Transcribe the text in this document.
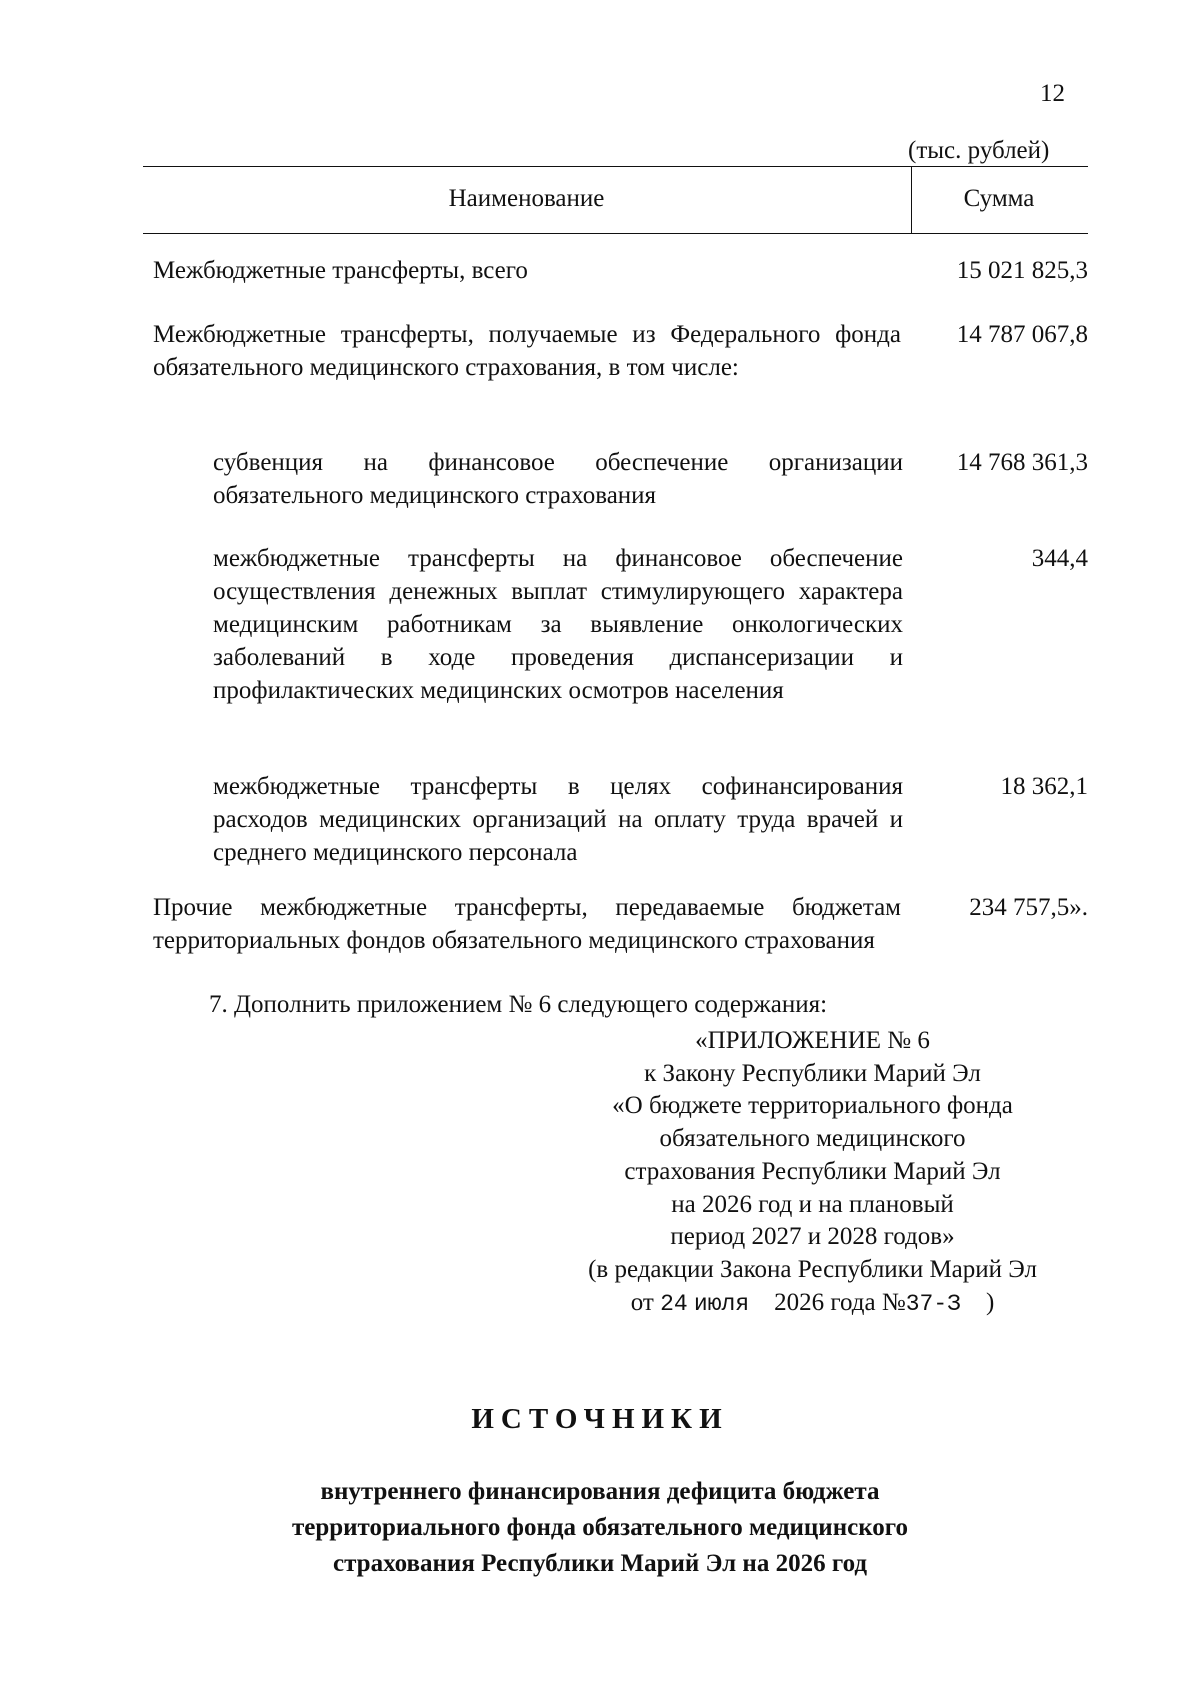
12
(тыс. рублей)
Наименование	Сумма
Межбюджетные трансферты, всего	15 021 825,3
Межбюджетные трансферты, получаемые из Федерального фонда обязательного медицинского страхования, в том числе:
14 787 067,8
субвенция на финансовое обеспечение организации обязательного медицинского страхования
14 768 361,3
межбюджетные трансферты на финансовое обеспечение осуществления денежных выплат стимулирующего характера медицинским работникам за выявление онкологических заболеваний в ходе проведения диспансеризации и профилактических медицинских осмотров населения
344,4
межбюджетные трансферты в целях софинансирования расходов медицинских организаций на оплату труда врачей и среднего медицинского персонала
18 362,1
Прочие межбюджетные трансферты, передаваемые бюджетам территориальных фондов обязательного медицинского страхования
234 757,5».
7. Дополнить приложением № 6 следующего содержания:
«ПРИЛОЖЕНИЕ № 6
к Закону Республики Марий Эл
«О бюджете территориального фонда
обязательного медицинского
страхования Республики Марий Эл
на 2026 год и на плановый
период 2027 и 2028 годов»
(в редакции Закона Республики Марий Эл
от 24 июля 2026 года №37-З )
ИСТОЧНИКИ
внутреннего финансирования дефицита бюджета
территориального фонда обязательного медицинского
страхования Республики Марий Эл на 2026 год
